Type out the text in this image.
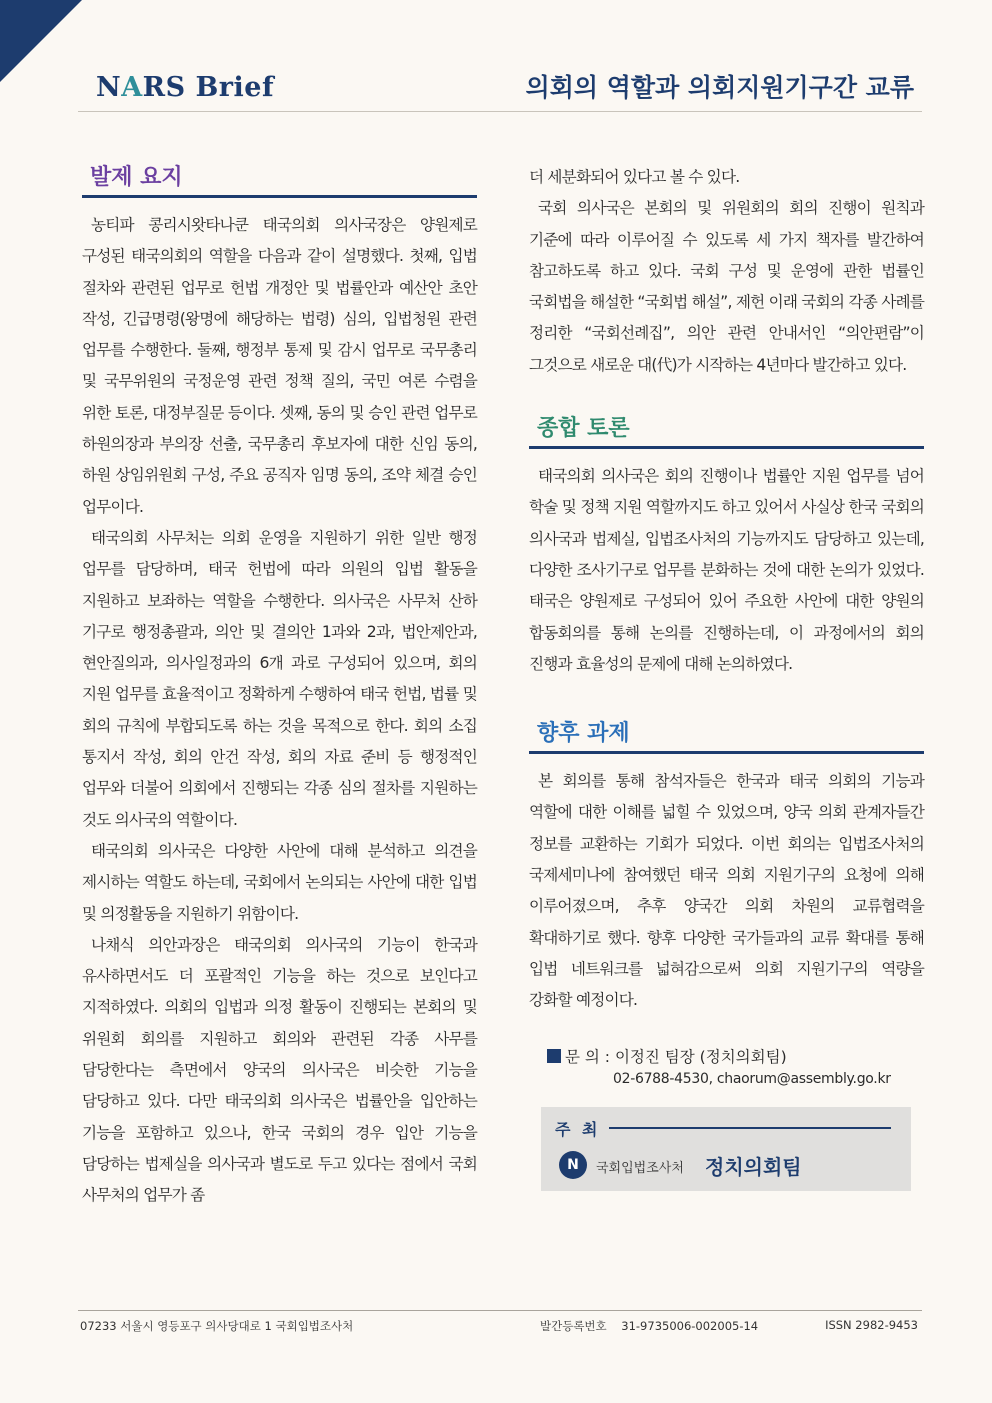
NARS Brief	의회의 역할과 의회지원기구간 교류
발제 요지

농티파 콩리시왓타나쿤 태국의회 의사국장은 양원제로 구성된 태국의회의 역할을 다음과 같이 설명했다. 첫째, 입법 절차와 관련된 업무로 헌법 개정안 및 법률안과 예산안 초안 작성, 긴급명령(왕명에 해당하는 법령) 심의, 입법청원 관련 업무를 수행한다. 둘째, 행정부 통제 및 감시 업무로 국무총리 및 국무위원의 국정운영 관련 정책 질의, 국민 여론 수렴을 위한 토론, 대정부질문 등이다. 셋째, 동의 및 승인 관련 업무로 하원의장과 부의장 선출, 국무총리 후보자에 대한 신임 동의, 하원 상임위원회 구성, 주요 공직자 임명 동의, 조약 체결 승인 업무이다.

태국의회 사무처는 의회 운영을 지원하기 위한 일반 행정 업무를 담당하며, 태국 헌법에 따라 의원의 입법 활동을 지원하고 보좌하는 역할을 수행한다. 의사국은 사무처 산하 기구로 행정총괄과, 의안 및 결의안 1과와 2과, 법안제안과, 현안질의과, 의사일정과의 6개 과로 구성되어 있으며, 회의 지원 업무를 효율적이고 정확하게 수행하여 태국 헌법, 법률 및 회의 규칙에 부합되도록 하는 것을 목적으로 한다. 회의 소집 통지서 작성, 회의 안건 작성, 회의 자료 준비 등 행정적인 업무와 더불어 의회에서 진행되는 각종 심의 절차를 지원하는 것도 의사국의 역할이다.

태국의회 의사국은 다양한 사안에 대해 분석하고 의견을 제시하는 역할도 하는데, 국회에서 논의되는 사안에 대한 입법 및 의정활동을 지원하기 위함이다.

나채식 의안과장은 태국의회 의사국의 기능이 한국과 유사하면서도 더 포괄적인 기능을 하는 것으로 보인다고 지적하였다. 의회의 입법과 의정 활동이 진행되는 본회의 및 위원회 회의를 지원하고 회의와 관련된 각종 사무를 담당한다는 측면에서 양국의 의사국은 비슷한 기능을 담당하고 있다. 다만 태국의회 의사국은 법률안을 입안하는 기능을 포함하고 있으나, 한국 국회의 경우 입안 기능을 담당하는 법제실을 의사국과 별도로 두고 있다는 점에서 국회 사무처의 업무가 좀

더 세분화되어 있다고 볼 수 있다.

국회 의사국은 본회의 및 위원회의 회의 진행이 원칙과 기준에 따라 이루어질 수 있도록 세 가지 책자를 발간하여 참고하도록 하고 있다. 국회 구성 및 운영에 관한 법률인 국회법을 해설한 “국회법 해설”, 제헌 이래 국회의 각종 사례를 정리한 “국회선례집”, 의안 관련 안내서인 “의안편람”이 그것으로 새로운 대(代)가 시작하는 4년마다 발간하고 있다.

종합 토론

태국의회 의사국은 회의 진행이나 법률안 지원 업무를 넘어 학술 및 정책 지원 역할까지도 하고 있어서 사실상 한국 국회의 의사국과 법제실, 입법조사처의 기능까지도 담당하고 있는데, 다양한 조사기구로 업무를 분화하는 것에 대한 논의가 있었다. 태국은 양원제로 구성되어 있어 주요한 사안에 대한 양원의 합동회의를 통해 논의를 진행하는데, 이 과정에서의 회의 진행과 효율성의 문제에 대해 논의하였다.

향후 과제

본 회의를 통해 참석자들은 한국과 태국 의회의 기능과 역할에 대한 이해를 넓힐 수 있었으며, 양국 의회 관계자들간 정보를 교환하는 기회가 되었다. 이번 회의는 입법조사처의 국제세미나에 참여했던 태국 의회 지원기구의 요청에 의해 이루어졌으며, 추후 양국간 의회 차원의 교류협력을 확대하기로 했다. 향후 다양한 국가들과의 교류 확대를 통해 입법 네트워크를 넓혀감으로써 의회 지원기구의 역량을 강화할 예정이다.

문 의 : 이정진 팀장 (정치의회팀)
02-6788-4530, chaorum@assembly.go.kr
주 최
N	국회입법조사처 정치의회팀
07233 서울시 영등포구 의사당대로 1 국회입법조사처	발간등록번호    31-9735006-002005-14	ISSN 2982-9453
